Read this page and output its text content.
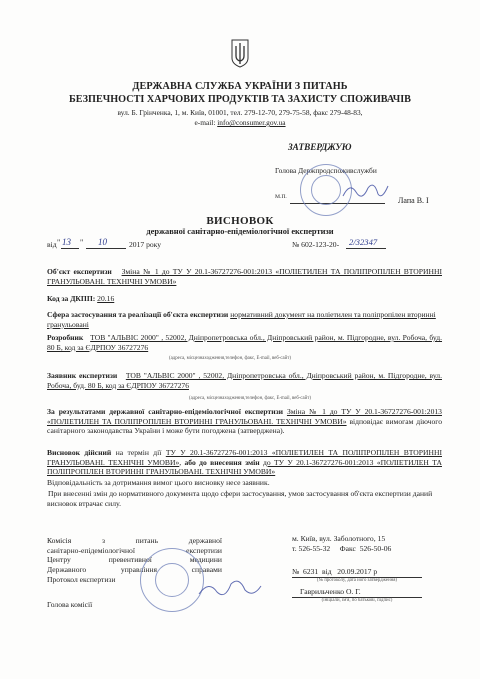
ДЕРЖАВНА СЛУЖБА УКРАЇНИ З ПИТАНЬ
БЕЗПЕЧНОСТІ ХАРЧОВИХ ПРОДУКТІВ ТА ЗАХИСТУ СПОЖИВАЧІВ
вул. Б. Грінченка, 1, м. Київ, 01001, тел. 279-12-70, 279-75-58, факс 279-48-83,
e-mail: info@consumer.gov.ua
ЗАТВЕРДЖУЮ
Голова Держпродспоживслужби
М.П.	Лапа В. І
ВИСНОВОК
державної санітарно-епідеміологічної експертизи
від " 13 " 10	2017 року	№ 602-123-20- 2/32347
Об'єкт експертизи Зміна № 1 до ТУ У 20.1-36727276-001:2013 «ПОЛІЕТИЛЕН ТА ПОЛІПРОПІЛЕН ВТОРИННІ ГРАНУЛЬОВАНІ. ТЕХНІЧНІ УМОВИ»
Код за ДКПП: 20.16
Сфера застосування та реалізації об'єкта експертизи нормативний документ на поліетилен та поліпропілен вторинні гранульовані
Розробник ТОВ "АЛЬВІС 2000" , 52002, Дніпропетровська обл., Дніпровський район, м. Підгородне, вул. Робоча, буд. 80 Б, код за ЄДРПОУ 36727276
(адреса, місцезнаходження,телефон, факс, E-mail, веб-сайт)
Заявник експертизи ТОВ "АЛЬВІС 2000" , 52002, Дніпропетровська обл., Дніпровський район, м. Підгородне, вул. Робоча, буд. 80 Б, код за ЄДРПОУ 36727276
(адреса, місцезнаходження,телефон, факс, E-mail, веб-сайт)
За результатами державної санітарно-епідеміологічної експертизи Зміна № 1 до ТУ У 20.1-36727276-001:2013 «ПОЛІЕТИЛЕН ТА ПОЛІПРОПІЛЕН ВТОРИННІ ГРАНУЛЬОВАНІ. ТЕХНІЧНІ УМОВИ» відповідає вимогам діючого санітарного законодавства України і може бути погоджена (затверджена).
Висновок дійсний на термін дії ТУ У 20.1-36727276-001:2013 «ПОЛІЕТИЛЕН ТА ПОЛІПРОПІЛЕН ВТОРИННІ ГРАНУЛЬОВАНІ. ТЕХНІЧНІ УМОВИ», або до внесення змін до ТУ У 20.1-36727276-001:2013 «ПОЛІЕТИЛЕН ТА ПОЛІПРОПІЛЕН ВТОРИННІ ГРАНУЛЬОВАНІ. ТЕХНІЧНІ УМОВИ»
Відповідальність за дотримання вимог цього висновку несе заявник.
При внесенні змін до нормативного документа щодо сфери застосування, умов застосування об'єкта експертизи даний висновок втрачає силу.
Комісія з питань державної
санітарно-епідеміологічної експертизи
Центру превентивної медицини
Державного управління справами
Протокол експертизи
Голова комісії
м. Київ, вул. Заболотного, 15
т. 526-55-32     Факс  526-50-06
№  6231  від   20.09.2017 р
(№ протоколу, дата його затвердження)
Гаврильченко О. Г.
(ініціали, ім'я, по батькові, підпис)
